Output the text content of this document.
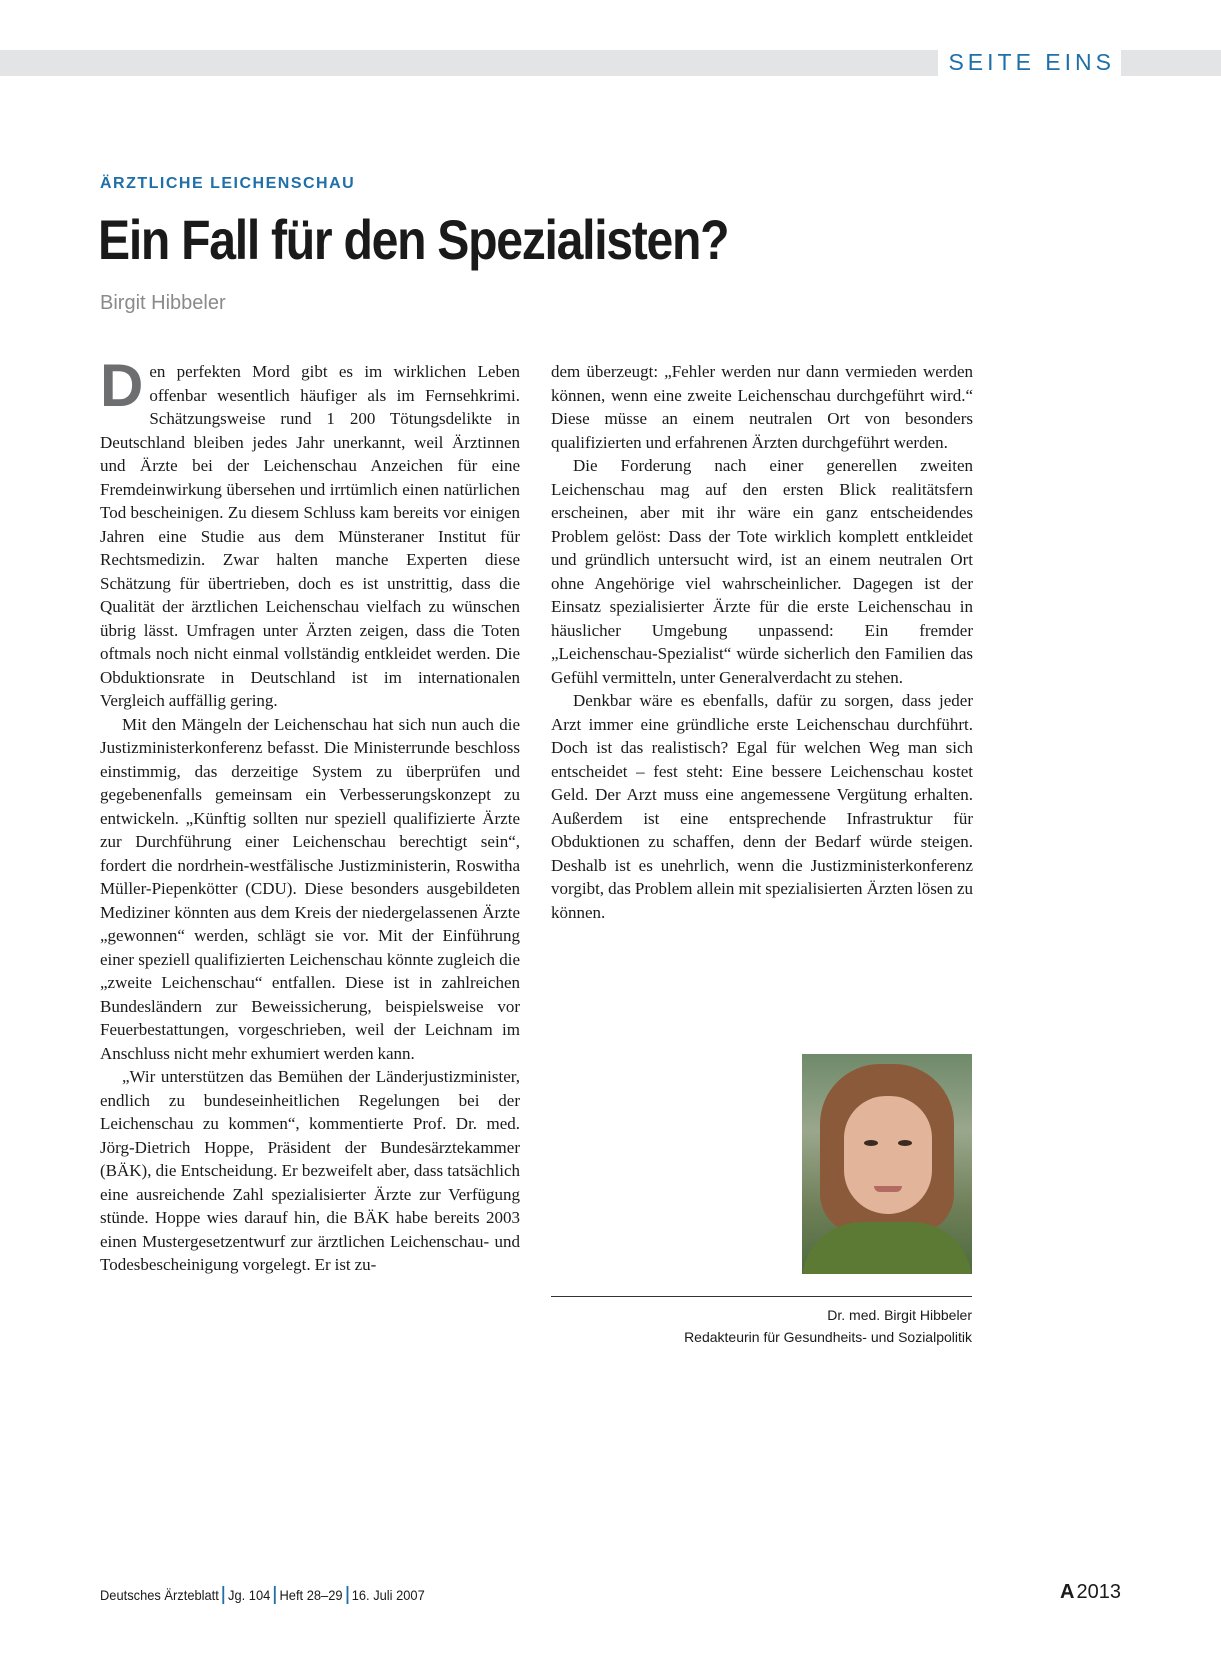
SEITE EINS
ÄRZTLICHE LEICHENSCHAU
Ein Fall für den Spezialisten?
Birgit Hibbeler

Den perfekten Mord gibt es im wirklichen Leben offenbar wesentlich häufiger als im Fernsehkrimi. Schätzungsweise rund 1 200 Tötungsdelikte in Deutschland bleiben jedes Jahr unerkannt, weil Ärztinnen und Ärzte bei der Leichenschau Anzeichen für eine Fremdeinwirkung übersehen und irrtümlich einen natürlichen Tod bescheinigen. Zu diesem Schluss kam bereits vor einigen Jahren eine Studie aus dem Münsteraner Institut für Rechtsmedizin. Zwar halten manche Experten diese Schätzung für übertrieben, doch es ist unstrittig, dass die Qualität der ärztlichen Leichenschau vielfach zu wünschen übrig lässt. Umfragen unter Ärzten zeigen, dass die Toten oftmals noch nicht einmal vollständig entkleidet werden. Die Obduktionsrate in Deutschland ist im internationalen Vergleich auffällig gering.

Mit den Mängeln der Leichenschau hat sich nun auch die Justizministerkonferenz befasst. Die Ministerrunde beschloss einstimmig, das derzeitige System zu überprüfen und gegebenenfalls gemeinsam ein Verbesserungskonzept zu entwickeln. „Künftig sollten nur speziell qualifizierte Ärzte zur Durchführung einer Leichenschau berechtigt sein“, fordert die nordrhein-westfälische Justizministerin, Roswitha Müller-Piepenkötter (CDU). Diese besonders ausgebildeten Mediziner könnten aus dem Kreis der niedergelassenen Ärzte „gewonnen“ werden, schlägt sie vor. Mit der Einführung einer speziell qualifizierten Leichenschau könnte zugleich die „zweite Leichenschau“ entfallen. Diese ist in zahlreichen Bundesländern zur Beweissicherung, beispielsweise vor Feuerbestattungen, vorgeschrieben, weil der Leichnam im Anschluss nicht mehr exhumiert werden kann.

„Wir unterstützen das Bemühen der Länderjustizminister, endlich zu bundeseinheitlichen Regelungen bei der Leichenschau zu kommen“, kommentierte Prof. Dr. med. Jörg-Dietrich Hoppe, Präsident der Bundesärztekammer (BÄK), die Entscheidung. Er bezweifelt aber, dass tatsächlich eine ausreichende Zahl spezialisierter Ärzte zur Verfügung stünde. Hoppe wies darauf hin, die BÄK habe bereits 2003 einen Mustergesetzentwurf zur ärztlichen Leichenschau- und Todesbescheinigung vorgelegt. Er ist zu-

dem überzeugt: „Fehler werden nur dann vermieden werden können, wenn eine zweite Leichenschau durchgeführt wird.“ Diese müsse an einem neutralen Ort von besonders qualifizierten und erfahrenen Ärzten durchgeführt werden.

Die Forderung nach einer generellen zweiten Leichenschau mag auf den ersten Blick realitätsfern erscheinen, aber mit ihr wäre ein ganz entscheidendes Problem gelöst: Dass der Tote wirklich komplett entkleidet und gründlich untersucht wird, ist an einem neutralen Ort ohne Angehörige viel wahrscheinlicher. Dagegen ist der Einsatz spezialisierter Ärzte für die erste Leichenschau in häuslicher Umgebung unpassend: Ein fremder „Leichenschau-Spezialist“ würde sicherlich den Familien das Gefühl vermitteln, unter Generalverdacht zu stehen.

Denkbar wäre es ebenfalls, dafür zu sorgen, dass jeder Arzt immer eine gründliche erste Leichenschau durchführt. Doch ist das realistisch? Egal für welchen Weg man sich entscheidet – fest steht: Eine bessere Leichenschau kostet Geld. Der Arzt muss eine angemessene Vergütung erhalten. Außerdem ist eine entsprechende Infrastruktur für Obduktionen zu schaffen, denn der Bedarf würde steigen. Deshalb ist es unehrlich, wenn die Justizministerkonferenz vorgibt, das Problem allein mit spezialisierten Ärzten lösen zu können.

Dr. med. Birgit Hibbeler
Redakteurin für Gesundheits- und Sozialpolitik
Deutsches Ärzteblatt Jg. 104 Heft 28–29 16. Juli 2007	A 2013
